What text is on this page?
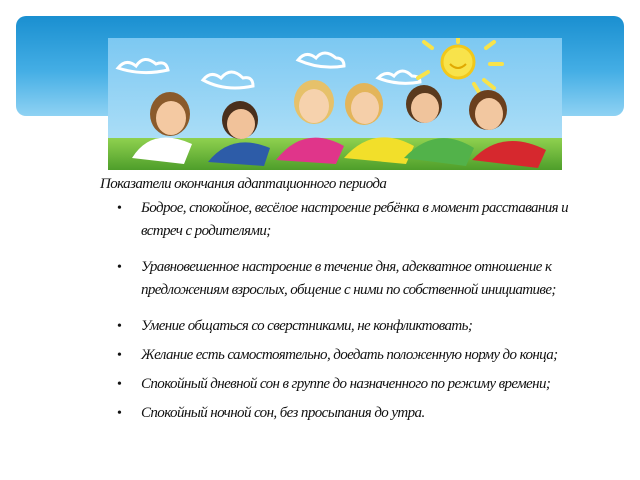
Показатели окончания адаптационного периода
• Бодрое, спокойное, весёлое настроение ребёнка в момент расставания и встреч с родителями;
• Уравновешенное настроение в течение дня, адекватное отношение к предложениям взрослых, общение с ними по собственной инициативе;
• Умение общаться со сверстниками, не конфликтовать;
• Желание есть самостоятельно, доедать положенную норму до конца;
• Спокойный дневной сон в группе до назначенного по режиму времени;
• Спокойный ночной сон, без просыпания до утра.
